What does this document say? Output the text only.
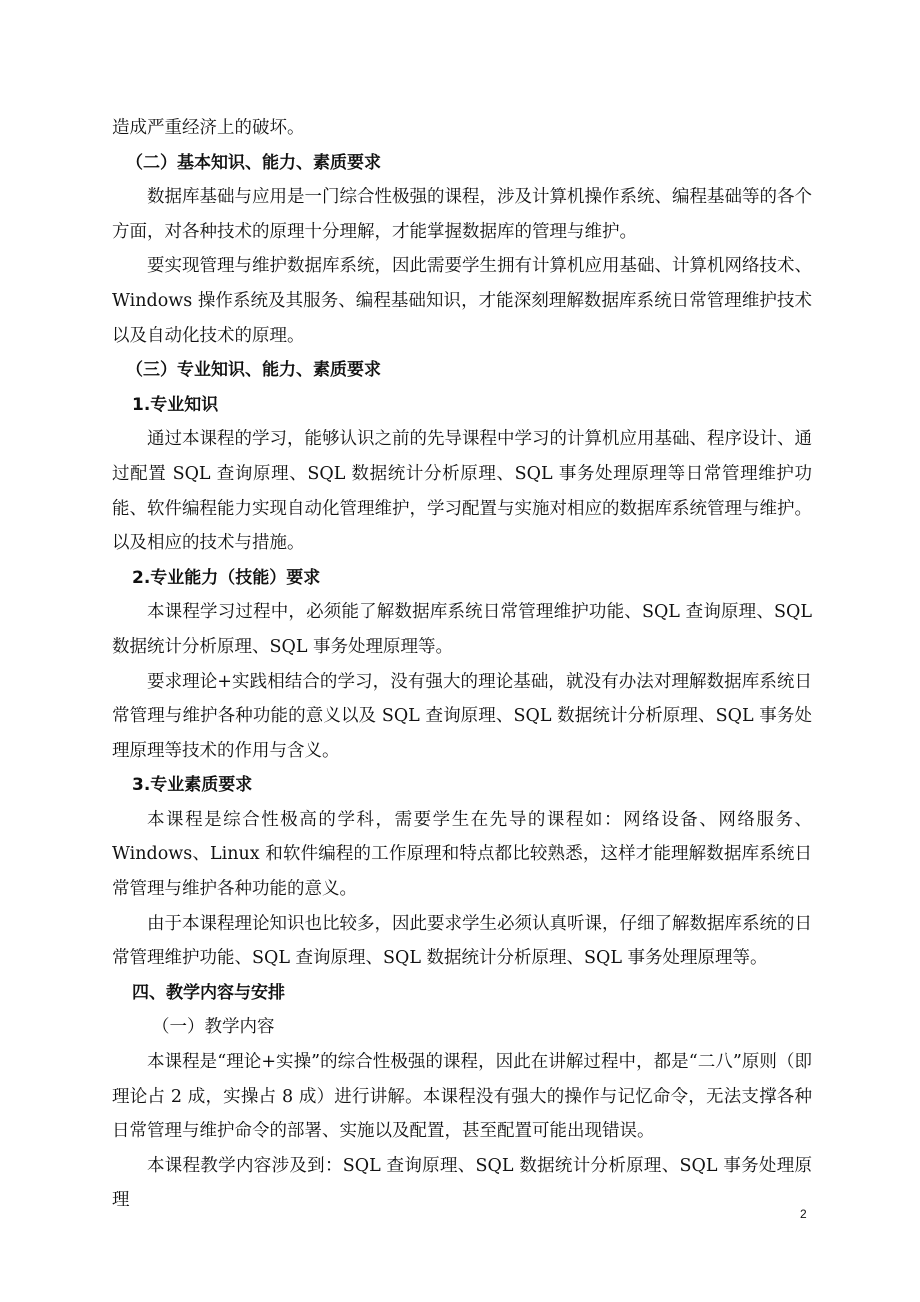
造成严重经济上的破坏。

（二）基本知识、能力、素质要求

数据库基础与应用是一门综合性极强的课程，涉及计算机操作系统、编程基础等的各个方面，对各种技术的原理十分理解，才能掌握数据库的管理与维护。

要实现管理与维护数据库系统，因此需要学生拥有计算机应用基础、计算机网络技术、Windows 操作系统及其服务、编程基础知识，才能深刻理解数据库系统日常管理维护技术以及自动化技术的原理。

（三）专业知识、能力、素质要求

1.专业知识

通过本课程的学习，能够认识之前的先导课程中学习的计算机应用基础、程序设计、通过配置 SQL 查询原理、SQL 数据统计分析原理、SQL 事务处理原理等日常管理维护功能、软件编程能力实现自动化管理维护，学习配置与实施对相应的数据库系统管理与维护。以及相应的技术与措施。

2.专业能力（技能）要求

本课程学习过程中，必须能了解数据库系统日常管理维护功能、SQL 查询原理、SQL 数据统计分析原理、SQL 事务处理原理等。

要求理论+实践相结合的学习，没有强大的理论基础，就没有办法对理解数据库系统日常管理与维护各种功能的意义以及 SQL 查询原理、SQL 数据统计分析原理、SQL 事务处理原理等技术的作用与含义。

3.专业素质要求

本课程是综合性极高的学科，需要学生在先导的课程如：网络设备、网络服务、Windows、Linux 和软件编程的工作原理和特点都比较熟悉，这样才能理解数据库系统日常管理与维护各种功能的意义。

由于本课程理论知识也比较多，因此要求学生必须认真听课，仔细了解数据库系统的日常管理维护功能、SQL 查询原理、SQL 数据统计分析原理、SQL 事务处理原理等。

四、教学内容与安排

（一）教学内容

本课程是“理论+实操”的综合性极强的课程，因此在讲解过程中，都是“二八”原则（即理论占 2 成，实操占 8 成）进行讲解。本课程没有强大的操作与记忆命令，无法支撑各种日常管理与维护命令的部署、实施以及配置，甚至配置可能出现错误。

本课程教学内容涉及到：SQL 查询原理、SQL 数据统计分析原理、SQL 事务处理原理

2
